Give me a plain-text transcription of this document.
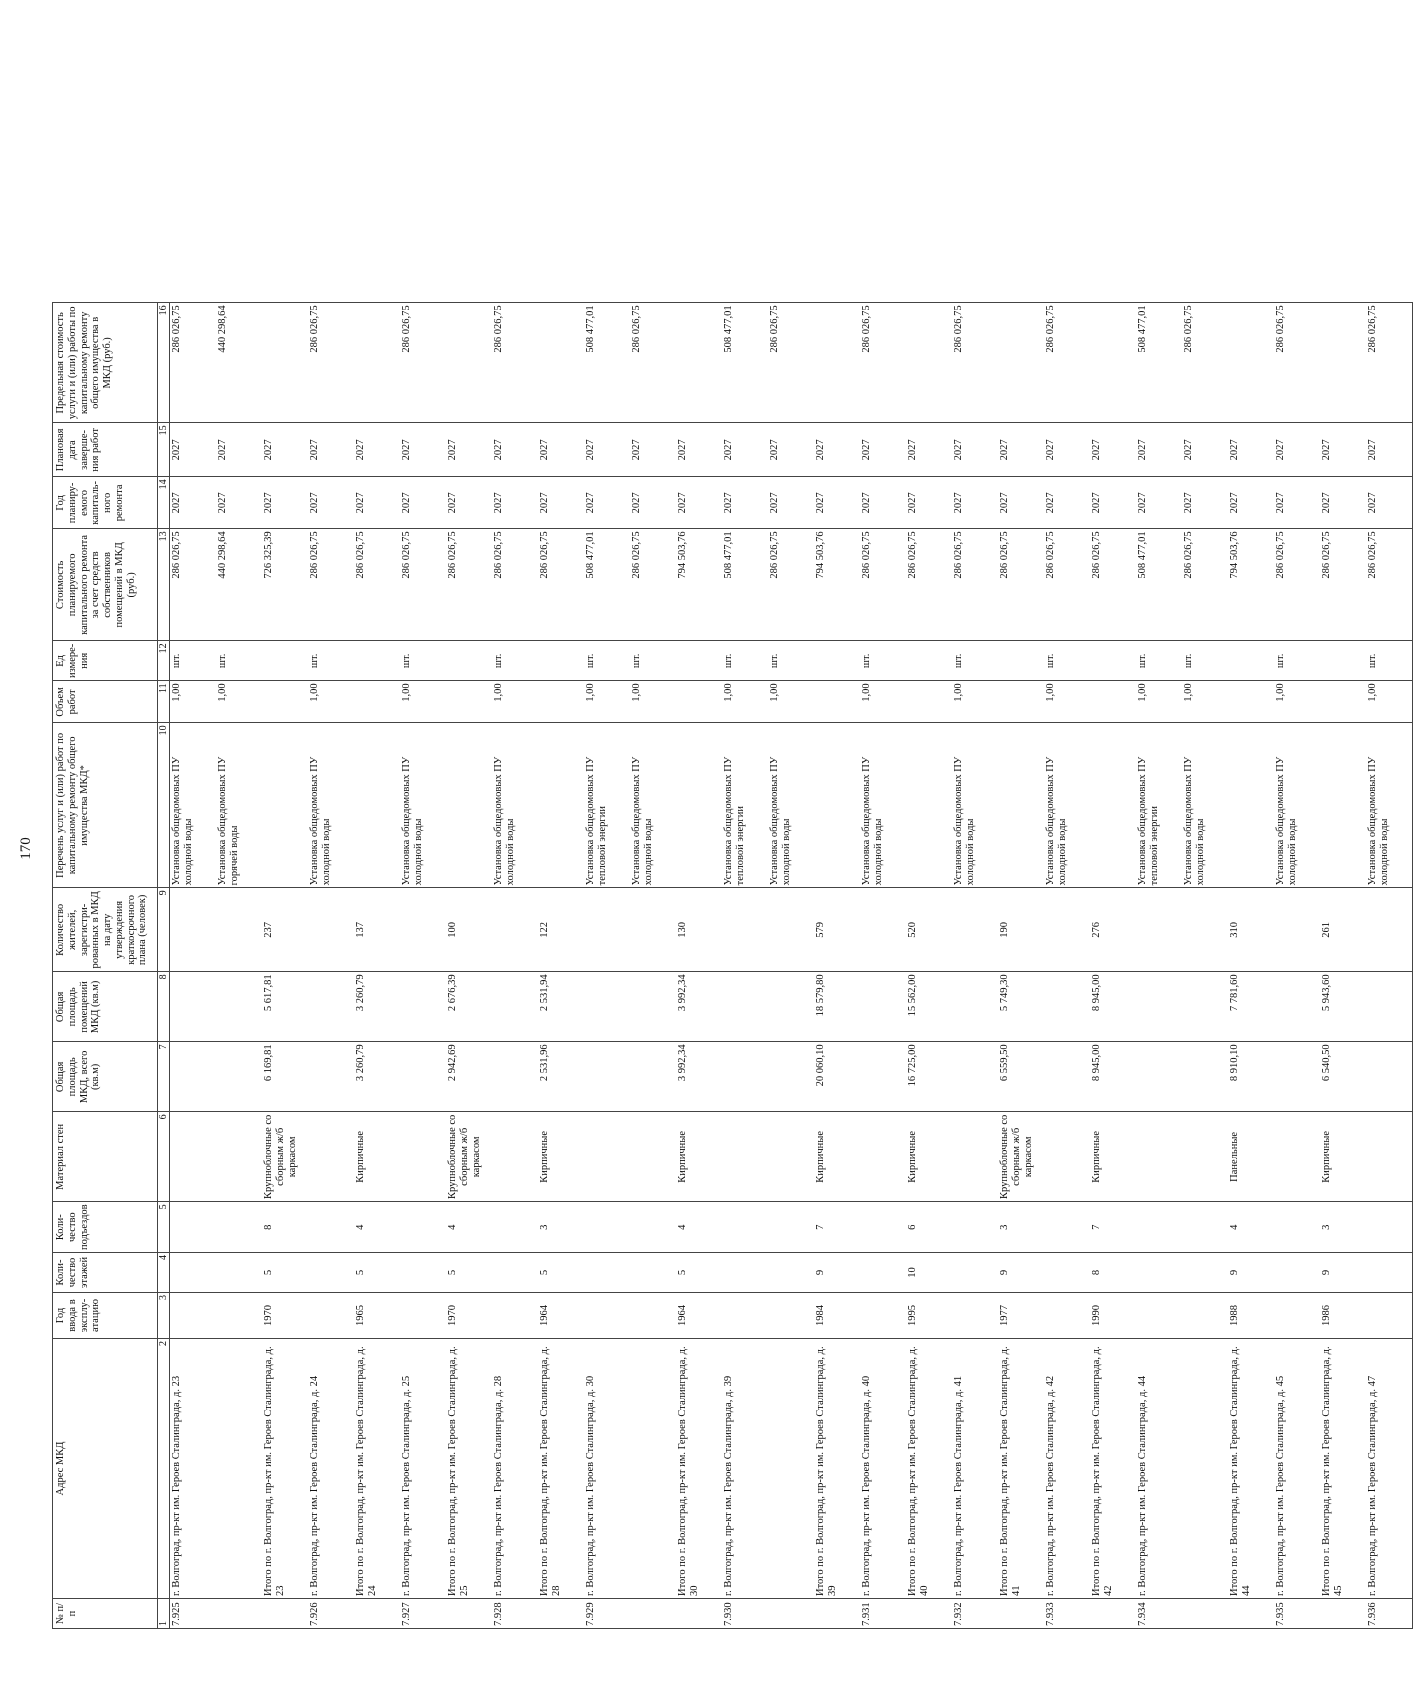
170
№ п/п	Адрес МКД	Год ввода в эксплу-атацию	Коли-чество этажей	Коли-чество подъездов	Материал стен	Общая площадь МКД, всего (кв.м)	Общая площадь помещений МКД (кв.м)	Количество жителей, зарегистри-рованных в МКД на дату утверждения краткосрочного плана (человек)	Перечень услуг и (или) работ по капитальному ремонту общего имущества МКД*	Объем работ	Ед измере-ния	Стоимость планируемого капитального ремонта за счет средств собственников помещений в МКД (руб.)	Год планиру-емого капиталь-ного ремонта	Плановая дата заверше-ния работ	Предельная стоимость услуги и (или) работы по капитальному ремонту общего имущества в МКД (руб.)
1	2	3	4	5	6	7	8	9	10	11	12	13	14	15	16
7.925	г. Волгоград, пр-кт им. Героев Сталинграда, д. 23								Установка общедомовых ПУ холодной воды	1,00	шт.	286 026,75	2027	2027	286 026,75
									Установка общедомовых ПУ горячей воды	1,00	шт.	440 298,64	2027	2027	440 298,64
	Итого по г. Волгоград, пр-кт им. Героев Сталинграда, д. 23	1970	5	8	Крупноблочные со сборным ж/б каркасом	6 169,81	5 617,81	237				726 325,39	2027	2027	
7.926	г. Волгоград, пр-кт им. Героев Сталинграда, д. 24								Установка общедомовых ПУ холодной воды	1,00	шт.	286 026,75	2027	2027	286 026,75
	Итого по г. Волгоград, пр-кт им. Героев Сталинграда, д. 24	1965	5	4	Кирпичные	3 260,79	3 260,79	137				286 026,75	2027	2027	
7.927	г. Волгоград, пр-кт им. Героев Сталинграда, д. 25								Установка общедомовых ПУ холодной воды	1,00	шт.	286 026,75	2027	2027	286 026,75
	Итого по г. Волгоград, пр-кт им. Героев Сталинграда, д. 25	1970	5	4	Крупноблочные со сборным ж/б каркасом	2 942,69	2 676,39	100				286 026,75	2027	2027	
7.928	г. Волгоград, пр-кт им. Героев Сталинграда, д. 28								Установка общедомовых ПУ холодной воды	1,00	шт.	286 026,75	2027	2027	286 026,75
	Итого по г. Волгоград, пр-кт им. Героев Сталинграда, д. 28	1964	5	3	Кирпичные	2 531,96	2 531,94	122				286 026,75	2027	2027	
7.929	г. Волгоград, пр-кт им. Героев Сталинграда, д. 30								Установка общедомовых ПУ тепловой энергии	1,00	шт.	508 477,01	2027	2027	508 477,01
									Установка общедомовых ПУ холодной воды	1,00	шт.	286 026,75	2027	2027	286 026,75
	Итого по г. Волгоград, пр-кт им. Героев Сталинграда, д. 30	1964	5	4	Кирпичные	3 992,34	3 992,34	130				794 503,76	2027	2027	
7.930	г. Волгоград, пр-кт им. Героев Сталинграда, д. 39								Установка общедомовых ПУ тепловой энергии	1,00	шт.	508 477,01	2027	2027	508 477,01
									Установка общедомовых ПУ холодной воды	1,00	шт.	286 026,75	2027	2027	286 026,75
	Итого по г. Волгоград, пр-кт им. Героев Сталинграда, д. 39	1984	9	7	Кирпичные	20 060,10	18 579,80	579				794 503,76	2027	2027	
7.931	г. Волгоград, пр-кт им. Героев Сталинграда, д. 40								Установка общедомовых ПУ холодной воды	1,00	шт.	286 026,75	2027	2027	286 026,75
	Итого по г. Волгоград, пр-кт им. Героев Сталинграда, д. 40	1995	10	6	Кирпичные	16 725,00	15 562,00	520				286 026,75	2027	2027	
7.932	г. Волгоград, пр-кт им. Героев Сталинграда, д. 41								Установка общедомовых ПУ холодной воды	1,00	шт.	286 026,75	2027	2027	286 026,75
	Итого по г. Волгоград, пр-кт им. Героев Сталинграда, д. 41	1977	9	3	Крупноблочные со сборным ж/б каркасом	6 559,50	5 749,30	190				286 026,75	2027	2027	
7.933	г. Волгоград, пр-кт им. Героев Сталинграда, д. 42								Установка общедомовых ПУ холодной воды	1,00	шт.	286 026,75	2027	2027	286 026,75
	Итого по г. Волгоград, пр-кт им. Героев Сталинграда, д. 42	1990	8	7	Кирпичные	8 945,00	8 945,00	276				286 026,75	2027	2027	
7.934	г. Волгоград, пр-кт им. Героев Сталинграда, д. 44								Установка общедомовых ПУ тепловой энергии	1,00	шт.	508 477,01	2027	2027	508 477,01
									Установка общедомовых ПУ холодной воды	1,00	шт.	286 026,75	2027	2027	286 026,75
	Итого по г. Волгоград, пр-кт им. Героев Сталинграда, д. 44	1988	9	4	Панельные	8 910,10	7 781,60	310				794 503,76	2027	2027	
7.935	г. Волгоград, пр-кт им. Героев Сталинграда, д. 45								Установка общедомовых ПУ холодной воды	1,00	шт.	286 026,75	2027	2027	286 026,75
	Итого по г. Волгоград, пр-кт им. Героев Сталинграда, д. 45	1986	9	3	Кирпичные	6 540,50	5 943,60	261				286 026,75	2027	2027	
7.936	г. Волгоград, пр-кт им. Героев Сталинграда, д. 47								Установка общедомовых ПУ холодной воды	1,00	шт.	286 026,75	2027	2027	286 026,75
